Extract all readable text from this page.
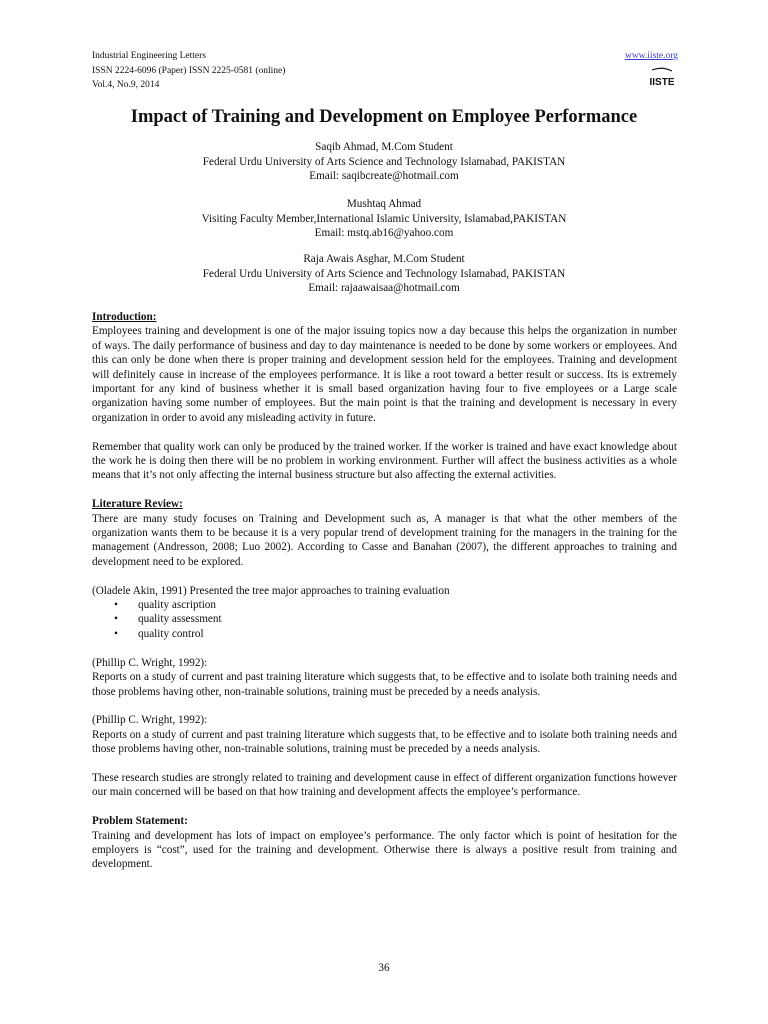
Industrial Engineering Letters
ISSN 2224-6096 (Paper) ISSN 2225-0581 (online)
Vol.4, No.9, 2014
www.iiste.org
IISTE
Impact of Training and Development on Employee Performance
Saqib Ahmad, M.Com Student
Federal Urdu University of Arts Science and Technology Islamabad, PAKISTAN
Email: saqibcreate@hotmail.com
Mushtaq Ahmad
Visiting Faculty Member,International Islamic University, Islamabad,PAKISTAN
Email: mstq.ab16@yahoo.com
Raja Awais Asghar, M.Com Student
Federal Urdu University of Arts Science and Technology Islamabad, PAKISTAN
Email: rajaawaisaa@hotmail.com
Introduction:

Employees training and development is one of the major issuing topics now a day because this helps the organization in number of ways. The daily performance of business and day to day maintenance is needed to be done by some workers or employees. And this can only be done when there is proper training and development session held for the employees. Training and development will definitely cause in increase of the employees performance. It is like a root toward a better result or success. Its is extremely important for any kind of business whether it is small based organization having four to five employees or a Large scale organization having some number of employees. But the main point is that the training and development is necessary in every organization in order to avoid any misleading activity in future.

Remember that quality work can only be produced by the trained worker. If the worker is trained and have exact knowledge about the work he is doing then there will be no problem in working environment. Further will affect the business activities as a whole means that it’s not only affecting the internal business structure but also affecting the external activities.

Literature Review:

There are many study focuses on Training and Development such as, A manager is that what the other members of the organization wants them to be because it is a very popular trend of development training for the managers in the training for the management (Andresson, 2008; Luo 2002). According to Casse and Banahan (2007), the different approaches to training and development need to be explored.

(Oladele Akin, 1991) Presented the tree major approaches to training evaluation

• quality ascription
• quality assessment
• quality control

(Phillip C. Wright, 1992):

Reports on a study of current and past training literature which suggests that, to be effective and to isolate both training needs and those problems having other, non-trainable solutions, training must be preceded by a needs analysis.

(Phillip C. Wright, 1992):

Reports on a study of current and past training literature which suggests that, to be effective and to isolate both training needs and those problems having other, non-trainable solutions, training must be preceded by a needs analysis.

These research studies are strongly related to training and development cause in effect of different organization functions however our main concerned will be based on that how training and development affects the employee’s performance.

Problem Statement:

Training and development has lots of impact on employee’s performance. The only factor which is point of hesitation for the employers is “cost”, used for the training and development. Otherwise there is always a positive result from training and development.

36
